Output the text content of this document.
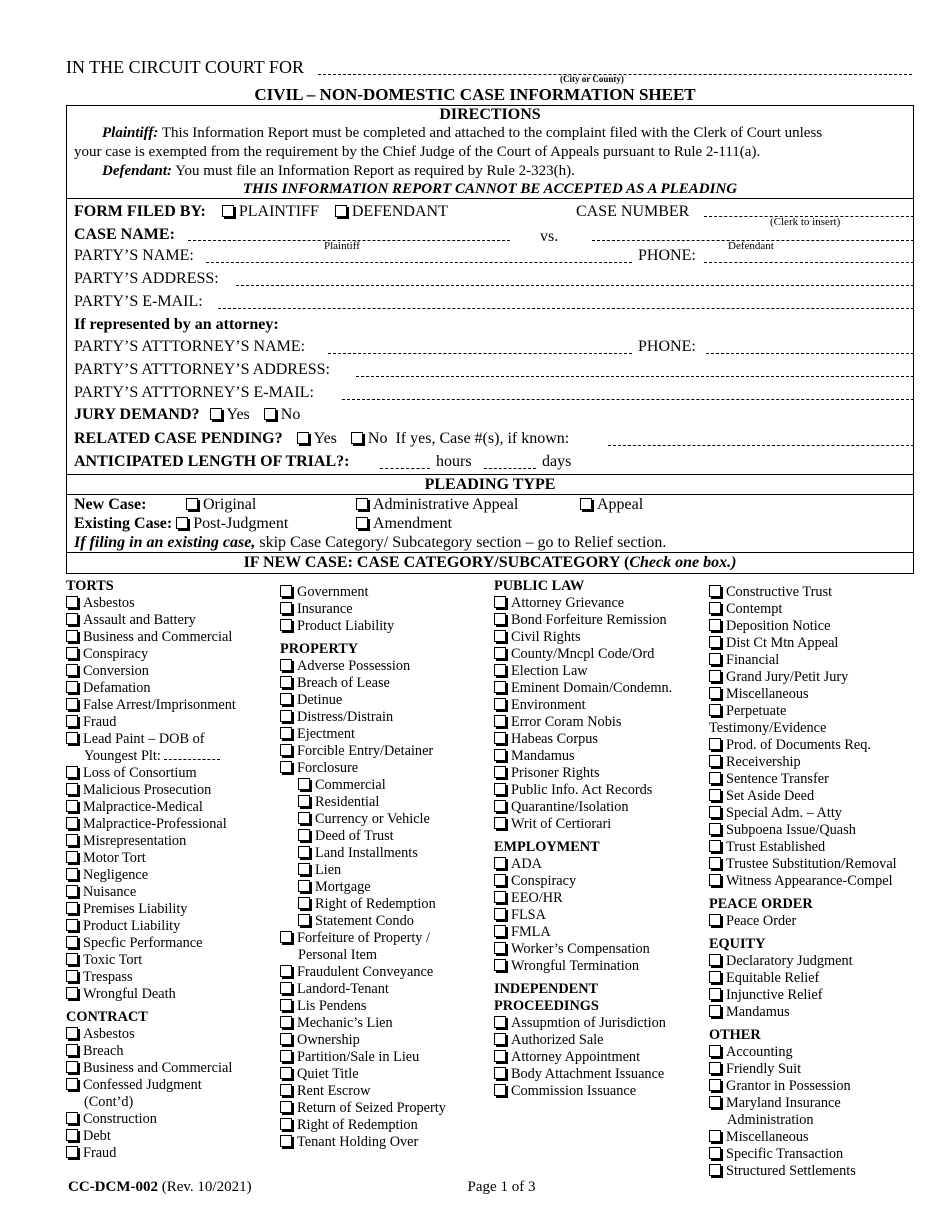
IN THE CIRCUIT COURT FOR
(City or County)
CIVIL – NON-DOMESTIC CASE INFORMATION SHEET
DIRECTIONS
Plaintiff: This Information Report must be completed and attached to the complaint filed with the Clerk of Court unless
your case is exempted from the requirement by the Chief Judge of the Court of Appeals pursuant to Rule 2-111(a).
Defendant: You must file an Information Report as required by Rule 2-323(h).
THIS INFORMATION REPORT CANNOT BE ACCEPTED AS A PLEADING
FORM FILED BY: PLAINTIFF DEFENDANT	CASE NUMBER
(Clerk to insert)
CASE NAME:
Plaintiff
vs.
Defendant
PARTY’S NAME:	PHONE:
PARTY’S ADDRESS:
PARTY’S E-MAIL:
If represented by an attorney:
PARTY’S ATTTORNEY’S NAME:	PHONE:
PARTY’S ATTTORNEY’S ADDRESS:
PARTY’S ATTTORNEY’S E-MAIL:
JURY DEMAND? Yes No
RELATED CASE PENDING? Yes No If yes, Case #(s), if known:
ANTICIPATED LENGTH OF TRIAL?:	hours	days
PLEADING TYPE
New Case:	Original	Administrative Appeal	Appeal
Existing Case: Post-Judgment	Amendment
If filing in an existing case, skip Case Category/ Subcategory section – go to Relief section.
IF NEW CASE: CASE CATEGORY/SUBCATEGORY (Check one box.)
TORTS
Asbestos
Assault and Battery
Business and Commercial
Conspiracy
Conversion
Defamation
False Arrest/Imprisonment
Fraud
Lead Paint – DOB of
Youngest Plt:
Loss of Consortium
Malicious Prosecution
Malpractice-Medical
Malpractice-Professional
Misrepresentation
Motor Tort
Negligence
Nuisance
Premises Liability
Product Liability
Specfic Performance
Toxic Tort
Trespass
Wrongful Death
CONTRACT
Asbestos
Breach
Business and Commercial
Confessed Judgment
(Cont’d)
Construction
Debt
Fraud
Government
Insurance
Product Liability
PROPERTY
Adverse Possession
Breach of Lease
Detinue
Distress/Distrain
Ejectment
Forcible Entry/Detainer
Forclosure
Commercial
Residential
Currency or Vehicle
Deed of Trust
Land Installments
Lien
Mortgage
Right of Redemption
Statement Condo
Forfeiture of Property /
Personal Item
Fraudulent Conveyance
Landord-Tenant
Lis Pendens
Mechanic’s Lien
Ownership
Partition/Sale in Lieu
Quiet Title
Rent Escrow
Return of Seized Property
Right of Redemption
Tenant Holding Over
PUBLIC LAW
Attorney Grievance
Bond Forfeiture Remission
Civil Rights
County/Mncpl Code/Ord
Election Law
Eminent Domain/Condemn.
Environment
Error Coram Nobis
Habeas Corpus
Mandamus
Prisoner Rights
Public Info. Act Records
Quarantine/Isolation
Writ of Certiorari
EMPLOYMENT
ADA
Conspiracy
EEO/HR
FLSA
FMLA
Worker’s Compensation
Wrongful Termination
INDEPENDENT
PROCEEDINGS
Assupmtion of Jurisdiction
Authorized Sale
Attorney Appointment
Body Attachment Issuance
Commission Issuance
Constructive Trust
Contempt
Deposition Notice
Dist Ct Mtn Appeal
Financial
Grand Jury/Petit Jury
Miscellaneous
Perpetuate
Testimony/Evidence
Prod. of Documents Req.
Receivership
Sentence Transfer
Set Aside Deed
Special Adm. – Atty
Subpoena Issue/Quash
Trust Established
Trustee Substitution/Removal
Witness Appearance-Compel
PEACE ORDER
Peace Order
EQUITY
Declaratory Judgment
Equitable Relief
Injunctive Relief
Mandamus
OTHER
Accounting
Friendly Suit
Grantor in Possession
Maryland Insurance
Administration
Miscellaneous
Specific Transaction
Structured Settlements
CC-DCM-002 (Rev. 10/2021)	Page 1 of 3
